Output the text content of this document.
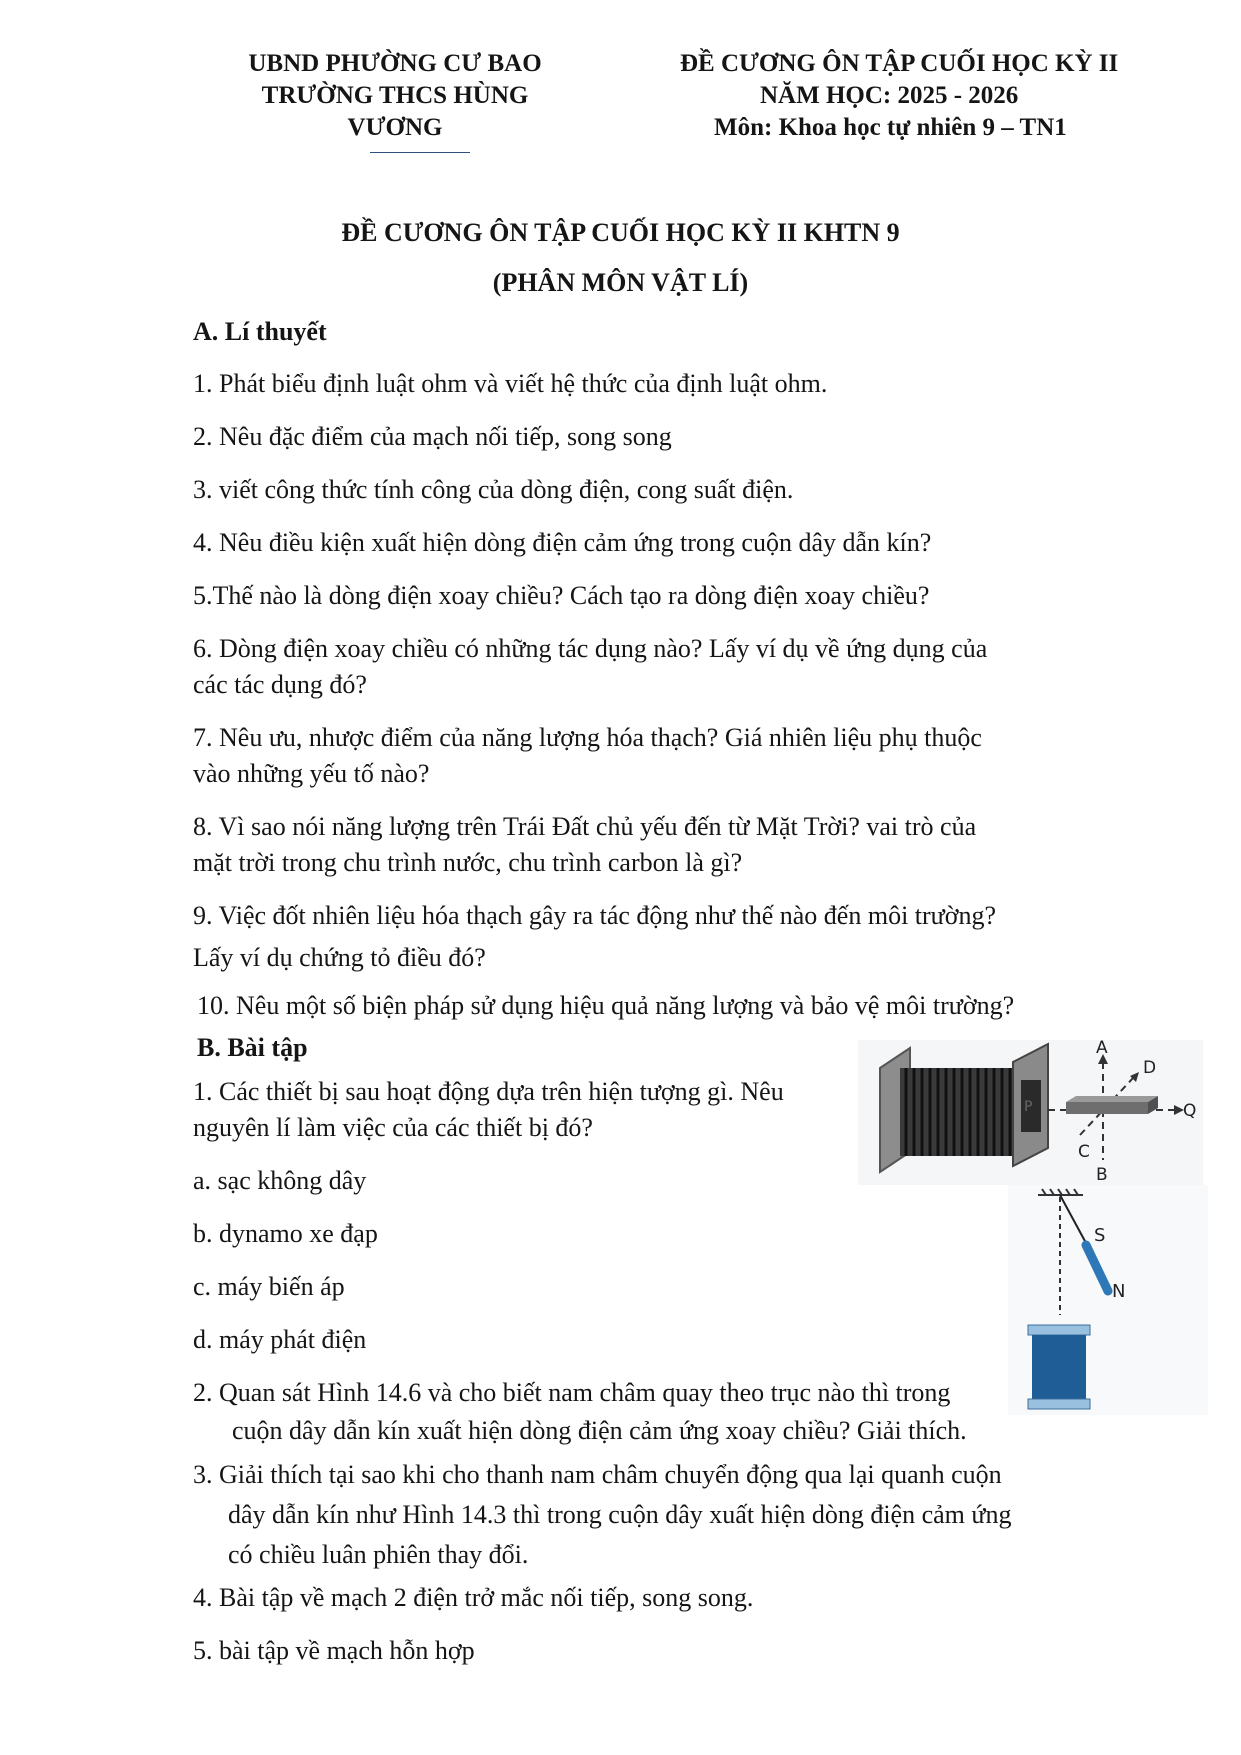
UBND PHƯỜNG CƯ BAO
TRƯỜNG THCS HÙNG
VƯƠNG
ĐỀ CƯƠNG ÔN TẬP CUỐI HỌC KỲ II
NĂM HỌC: 2025 - 2026
Môn: Khoa học tự nhiên 9 – TN1
ĐỀ CƯƠNG ÔN TẬP CUỐI HỌC KỲ II KHTN 9
(PHÂN MÔN VẬT LÍ)
A. Lí thuyết
1. Phát biểu định luật ohm và viết hệ thức của định luật ohm.
2. Nêu đặc điểm của mạch nối tiếp, song song
3. viết công thức tính công của dòng điện, cong suất điện.
4. Nêu điều kiện xuất hiện dòng điện cảm ứng trong cuộn dây dẫn kín?
5.Thế nào là dòng điện xoay chiều? Cách tạo ra dòng điện xoay chiều?
6. Dòng điện xoay chiều có những tác dụng nào? Lấy ví dụ về ứng dụng của
các tác dụng đó?
7. Nêu ưu, nhược điểm của năng lượng hóa thạch? Giá nhiên liệu phụ thuộc
vào những yếu tố nào?
8. Vì sao nói năng lượng trên Trái Đất chủ yếu đến từ Mặt Trời? vai trò của
mặt trời trong chu trình nước, chu trình carbon là gì?
9. Việc đốt nhiên liệu hóa thạch gây ra tác động như thế nào đến môi trường?
Lấy ví dụ chứng tỏ điều đó?
10. Nêu một số biện pháp sử dụng hiệu quả năng lượng và bảo vệ môi trường?
B. Bài tập
1. Các thiết bị sau hoạt động dựa trên hiện tượng gì. Nêu
nguyên lí làm việc của các thiết bị đó?
a. sạc không dây
b. dynamo xe đạp
c. máy biến áp
d. máy phát điện
2. Quan sát Hình 14.6 và cho biết nam châm quay theo trục nào thì trong
cuộn dây dẫn kín xuất hiện dòng điện cảm ứng xoay chiều? Giải thích.
3. Giải thích tại sao khi cho thanh nam châm chuyển động qua lại quanh cuộn
dây dẫn kín như Hình 14.3 thì trong cuộn dây xuất hiện dòng điện cảm ứng
có chiều luân phiên thay đổi.
4. Bài tập về mạch 2 điện trở mắc nối tiếp, song song.
5. bài tập về mạch hỗn hợp
A
D
P	Q
C
B
S
N
